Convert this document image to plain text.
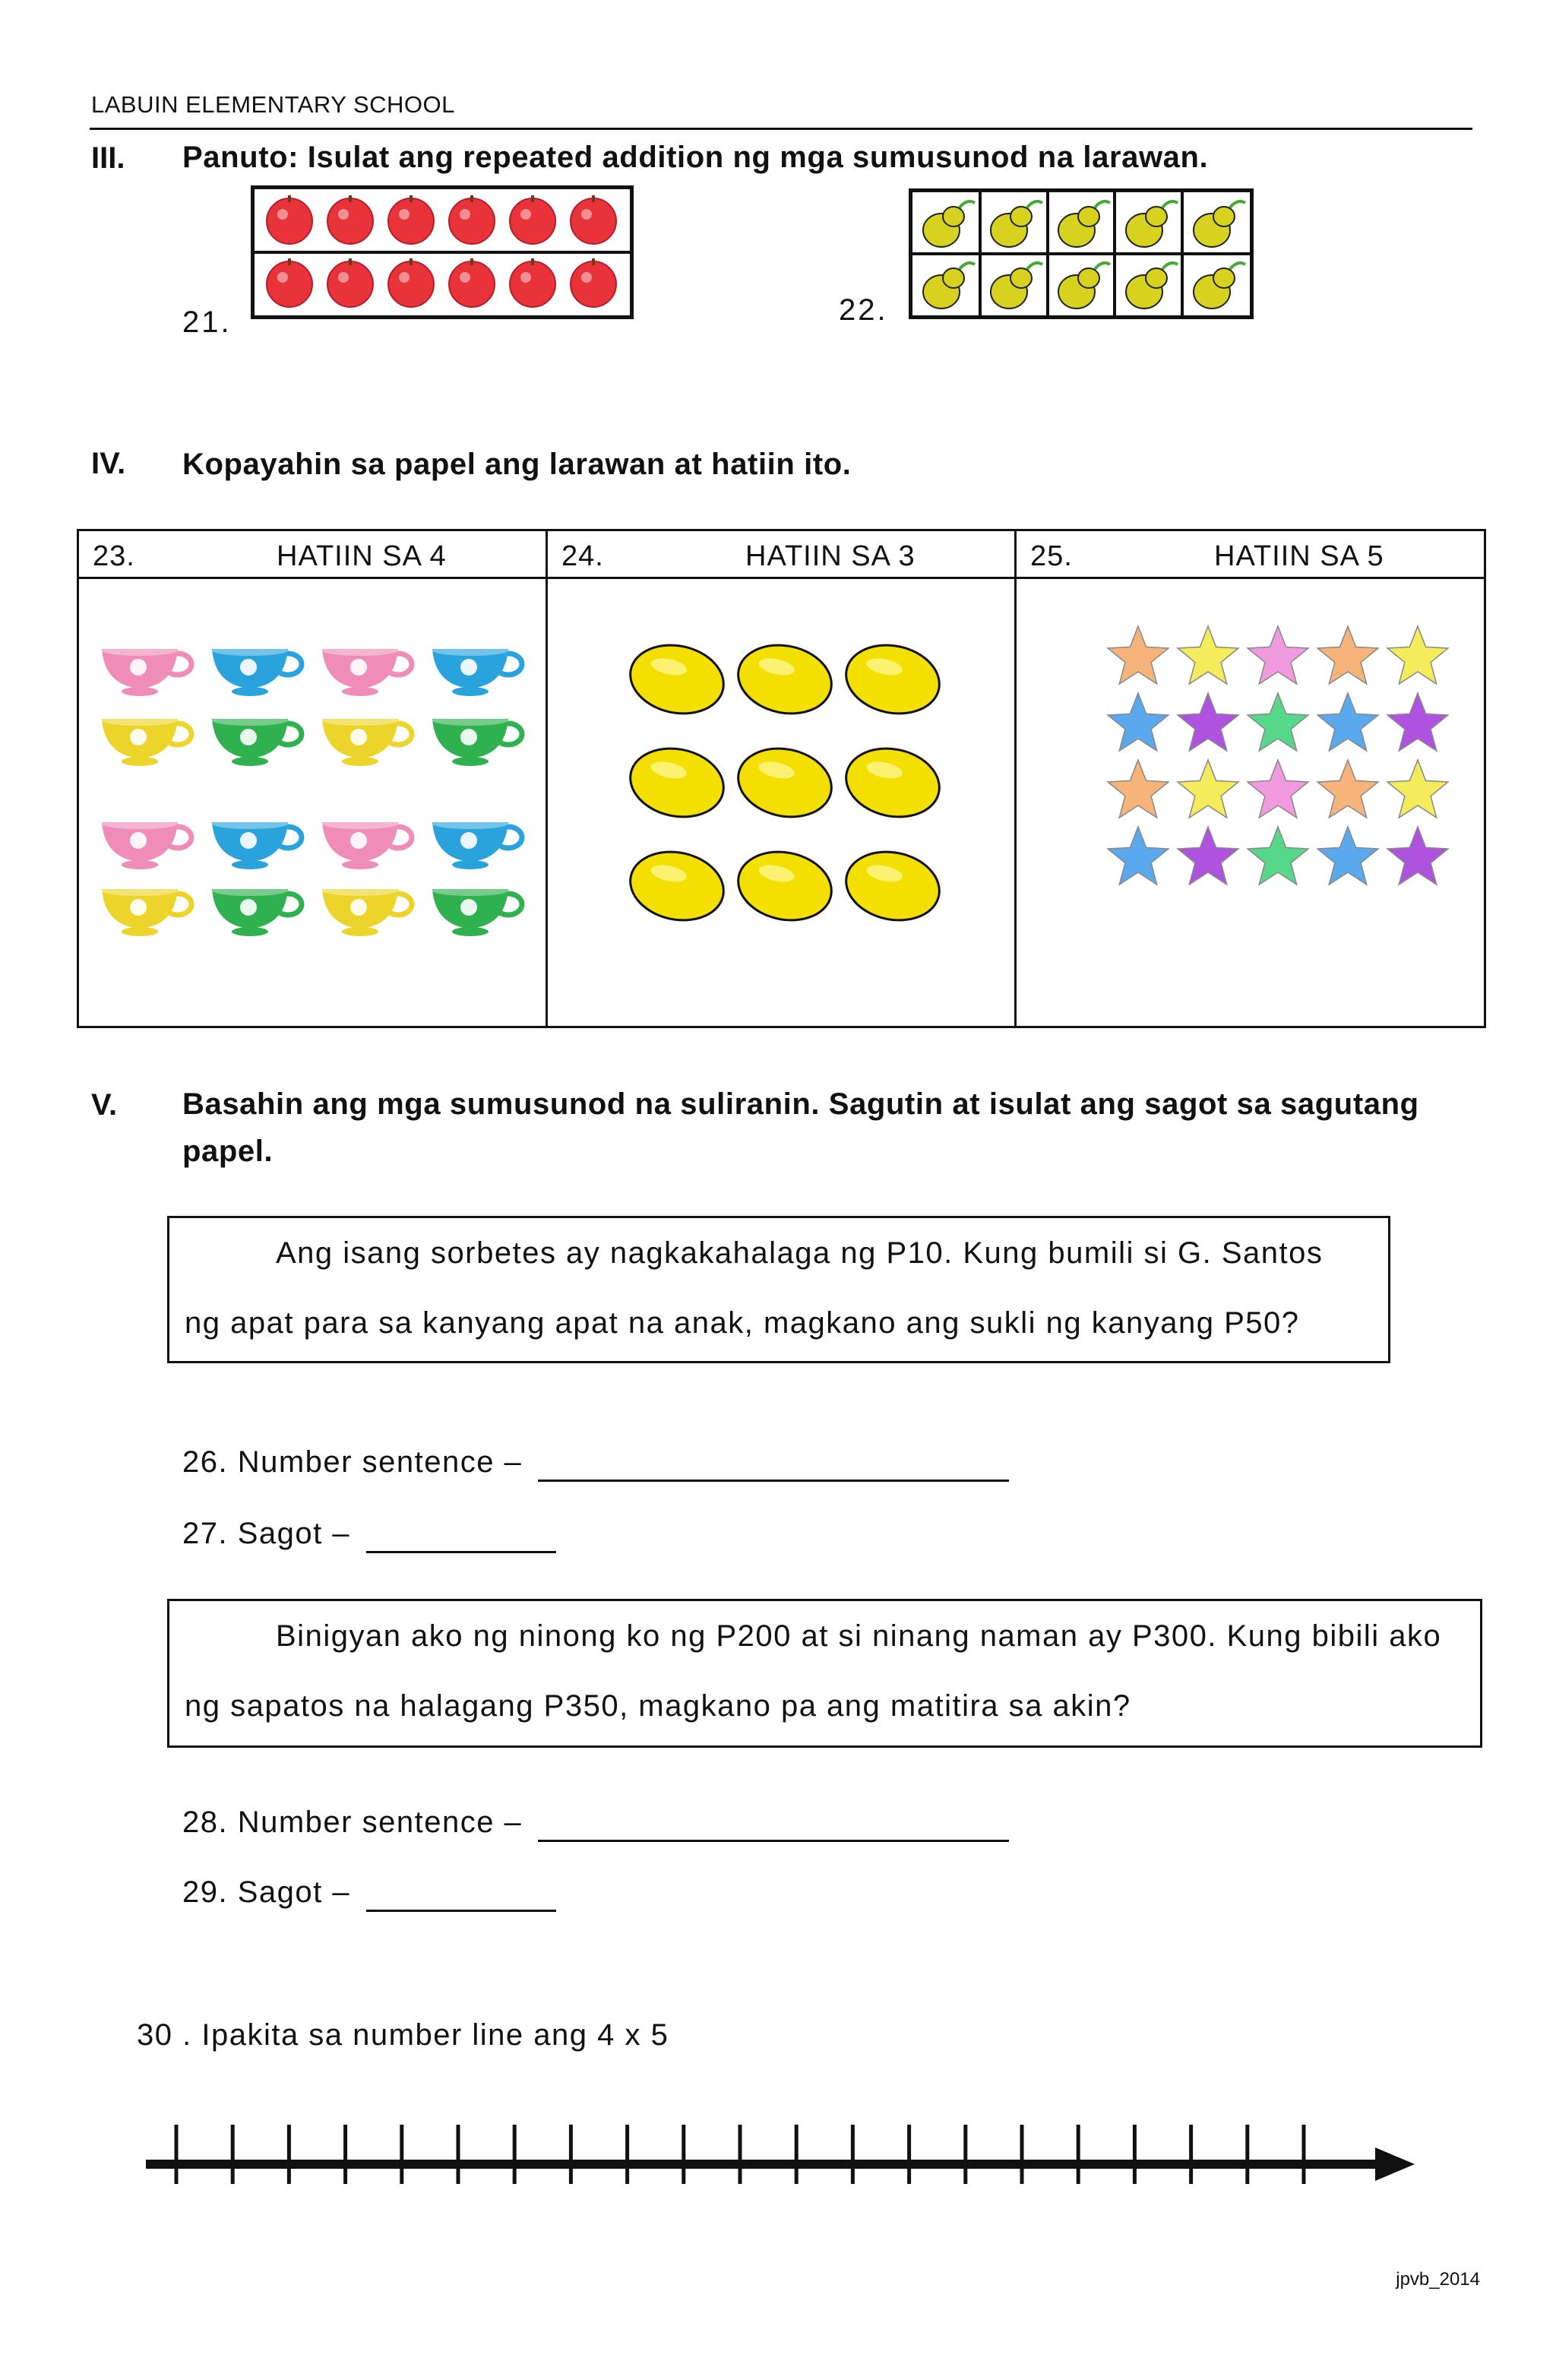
LABUIN ELEMENTARY SCHOOL
III. Panuto: Isulat ang repeated addition ng mga sumusunod na larawan.
21.	22.
IV. Kopayahin sa papel ang larawan at hatiin ito.
23.	HATIIN SA 4	24.	HATIIN SA 3	25.	HATIIN SA 5
V. Basahin ang mga sumusunod na suliranin. Sagutin at isulat ang sagot sa sagutang
papel.
Ang isang sorbetes ay nagkakahalaga ng P10. Kung bumili si G. Santos
ng apat para sa kanyang apat na anak, magkano ang sukli ng kanyang P50?
26. Number sentence –
27. Sagot –
Binigyan ako ng ninong ko ng P200 at si ninang naman ay P300. Kung bibili ako
ng sapatos na halagang P350, magkano pa ang matitira sa akin?
28. Number sentence –
29. Sagot –
30 . Ipakita sa number line ang 4 x 5
jpvb_2014
